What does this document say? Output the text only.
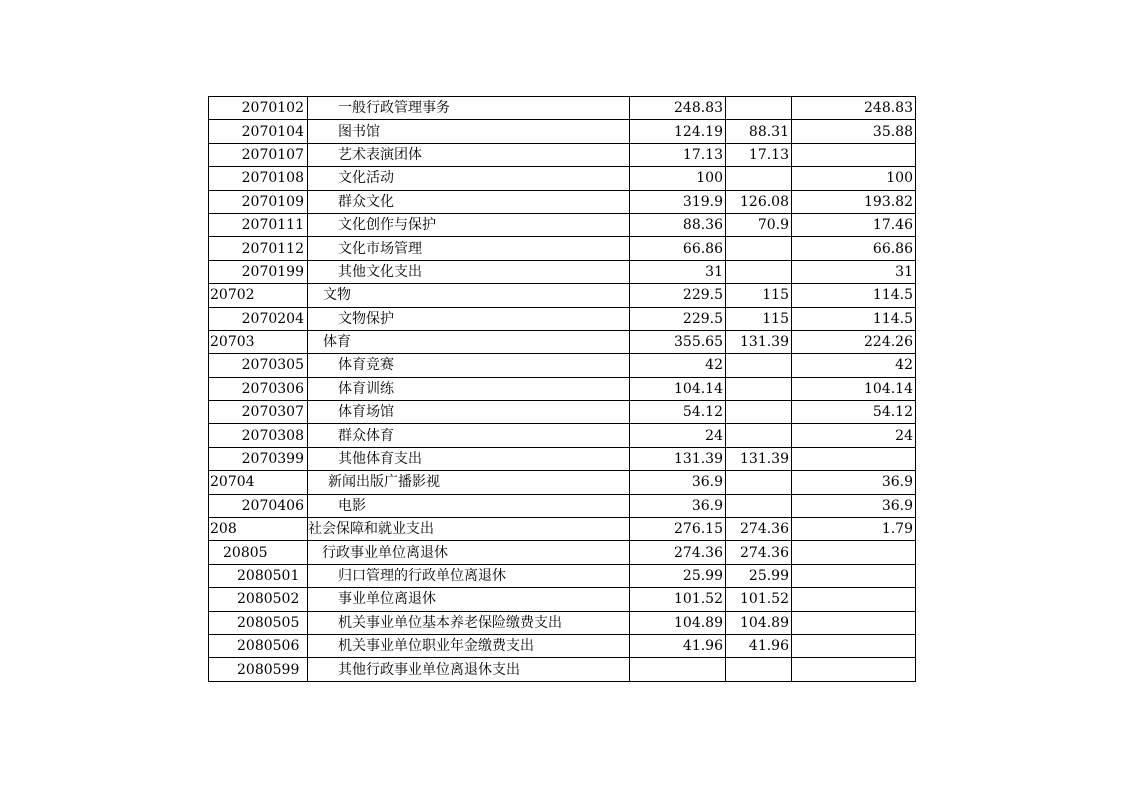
2070102	一般行政管理事务	248.83		248.83
2070104	图书馆	124.19	88.31	35.88
2070107	艺术表演团体	17.13	17.13	
2070108	文化活动	100		100
2070109	群众文化	319.9	126.08	193.82
2070111	文化创作与保护	88.36	70.9	17.46
2070112	文化市场管理	66.86		66.86
2070199	其他文化支出	31		31
20702	文物	229.5	115	114.5
2070204	文物保护	229.5	115	114.5
20703	体育	355.65	131.39	224.26
2070305	体育竞赛	42		42
2070306	体育训练	104.14		104.14
2070307	体育场馆	54.12		54.12
2070308	群众体育	24		24
2070399	其他体育支出	131.39	131.39	
20704	新闻出版广播影视	36.9		36.9
2070406	电影	36.9		36.9
208	社会保障和就业支出	276.15	274.36	1.79
20805	行政事业单位离退休	274.36	274.36	
2080501	归口管理的行政单位离退休	25.99	25.99	
2080502	事业单位离退休	101.52	101.52	
2080505	机关事业单位基本养老保险缴费支出	104.89	104.89	
2080506	机关事业单位职业年金缴费支出	41.96	41.96	
2080599	其他行政事业单位离退休支出			
